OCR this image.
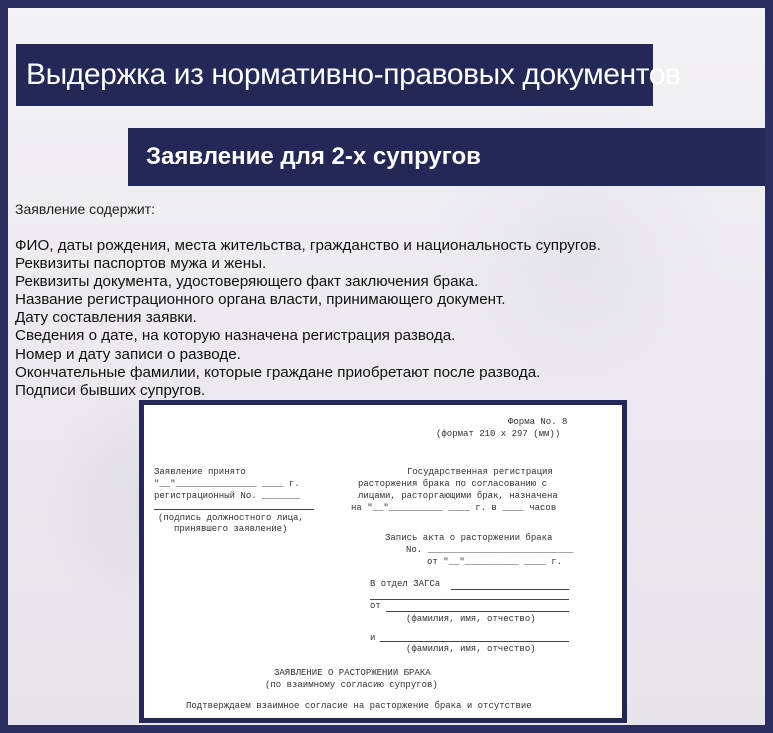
Выдержка из нормативно-правовых документов
Заявление для 2-х супругов

Заявление содержит:

ФИО, даты рождения, места жительства, гражданство и национальность супругов.
Реквизиты паспортов мужа и жены.
Реквизиты документа, удостоверяющего факт заключения брака.
Название регистрационного органа власти, принимающего документ.
Дату составления заявки.
Сведения о дате, на которую назначена регистрация развода.
Номер и дату записи о разводе.
Окончательные фамилии, которые граждане приобретают после развода.
Подписи бывших супругов.
Форма No. 8
(формат 210 x 297 (мм))
Заявление принято
"__"_______________ ____ г.
регистрационный No. _______
(подпись должностного лица,
принявшего заявление)
Государственная регистрация
расторжения брака по согласованию с
лицами, расторгающими брак, назначена
на "__"__________ ____ г. в ____ часов
Запись акта о расторжении брака
No. ___________________________
от "__"__________ ____ г.
В отдел ЗАГСа
от
(фамилия, имя, отчество)
и
(фамилия, имя, отчество)
ЗАЯВЛЕНИЕ О РАСТОРЖЕНИИ БРАКА
(по взаимному согласию супругов)
Подтверждаем взаимное согласие на расторжение брака и отсутствие
